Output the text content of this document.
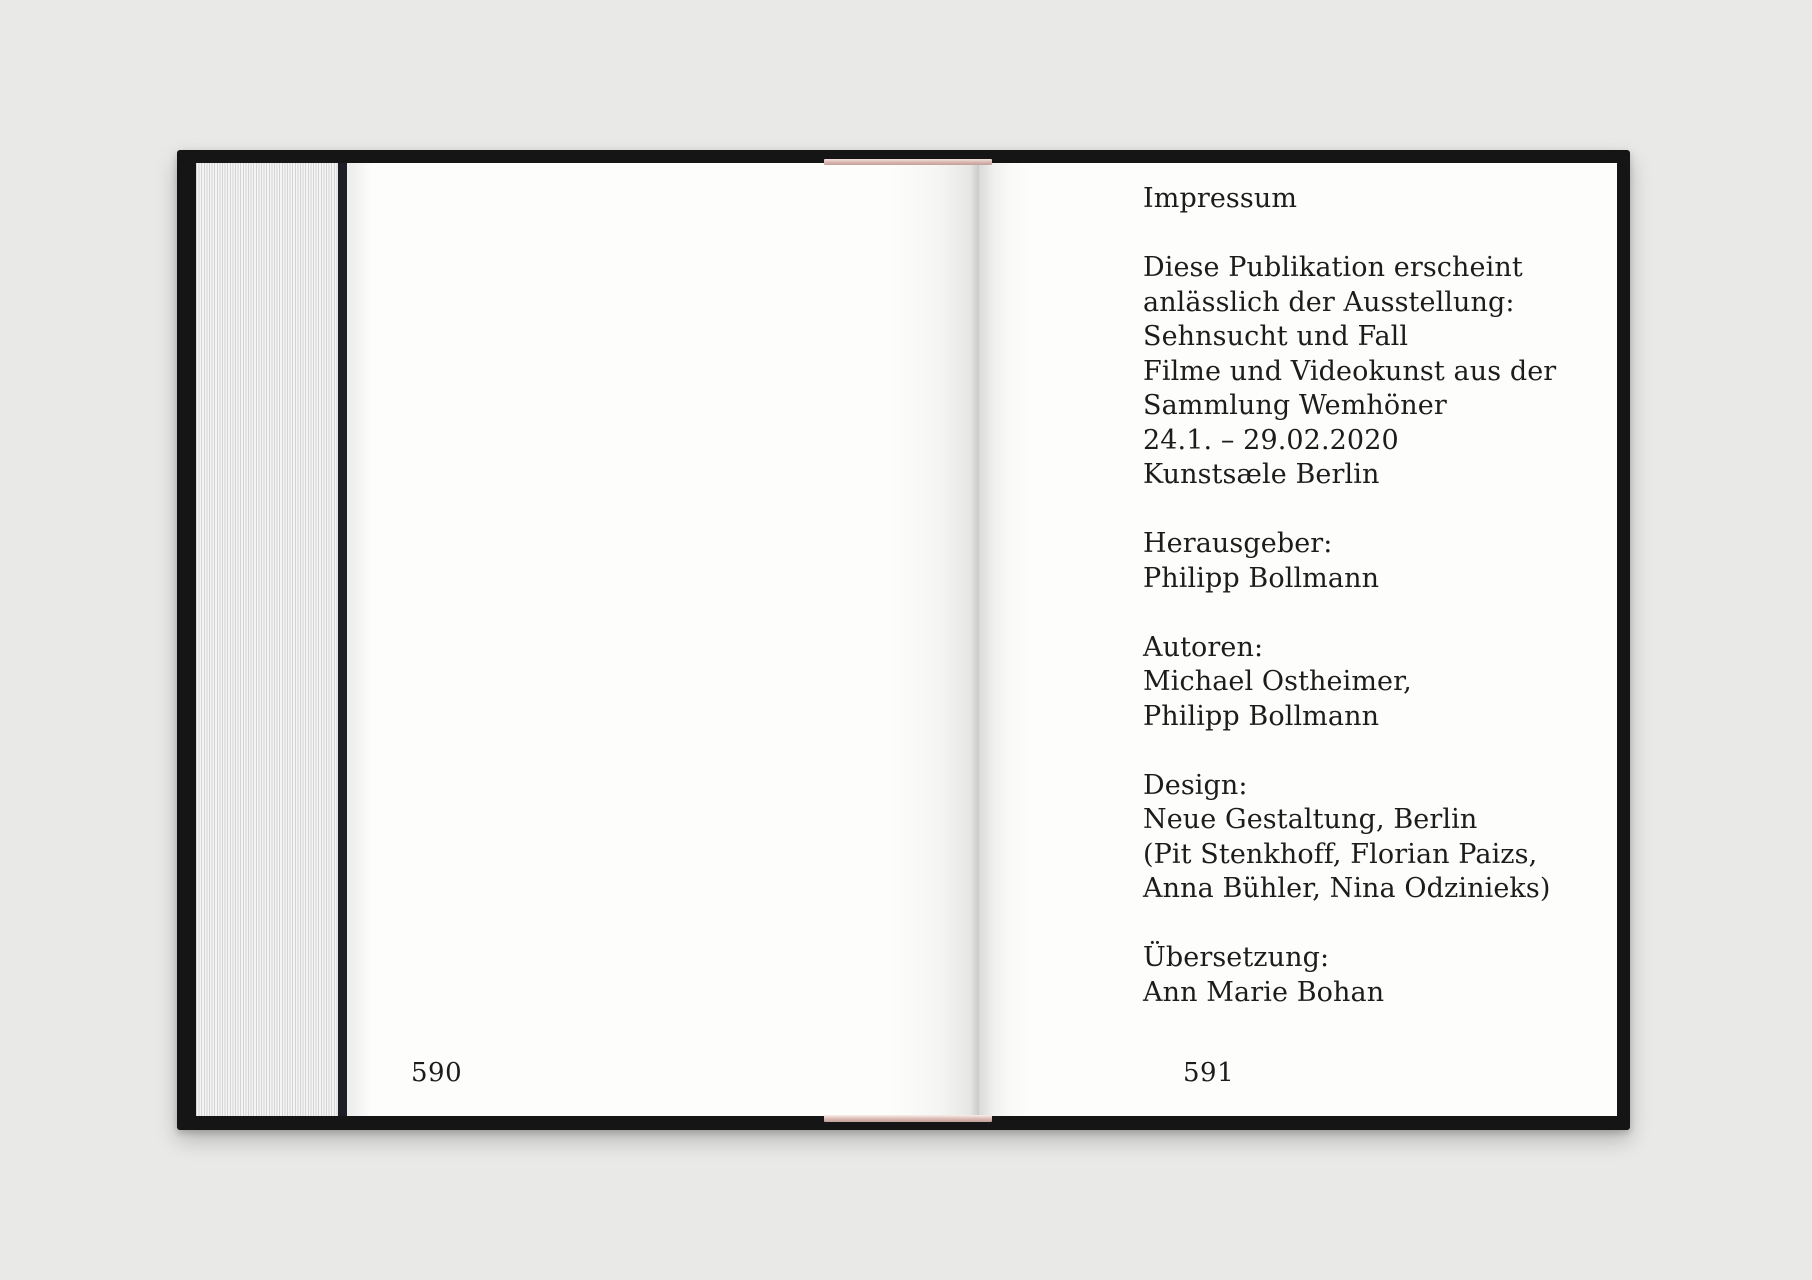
590
Impressum
Diese Publikation erscheint
anlässlich der Ausstellung:
Sehnsucht und Fall
Filme und Videokunst aus der
Sammlung Wemhöner
24.1. – 29.02.2020
Kunstsæle Berlin
Herausgeber:
Philipp Bollmann
Autoren:
Michael Ostheimer,
Philipp Bollmann
Design:
Neue Gestaltung, Berlin
(Pit Stenkhoff, Florian Paizs,
Anna Bühler, Nina Odzinieks)
Übersetzung:
Ann Marie Bohan
591
